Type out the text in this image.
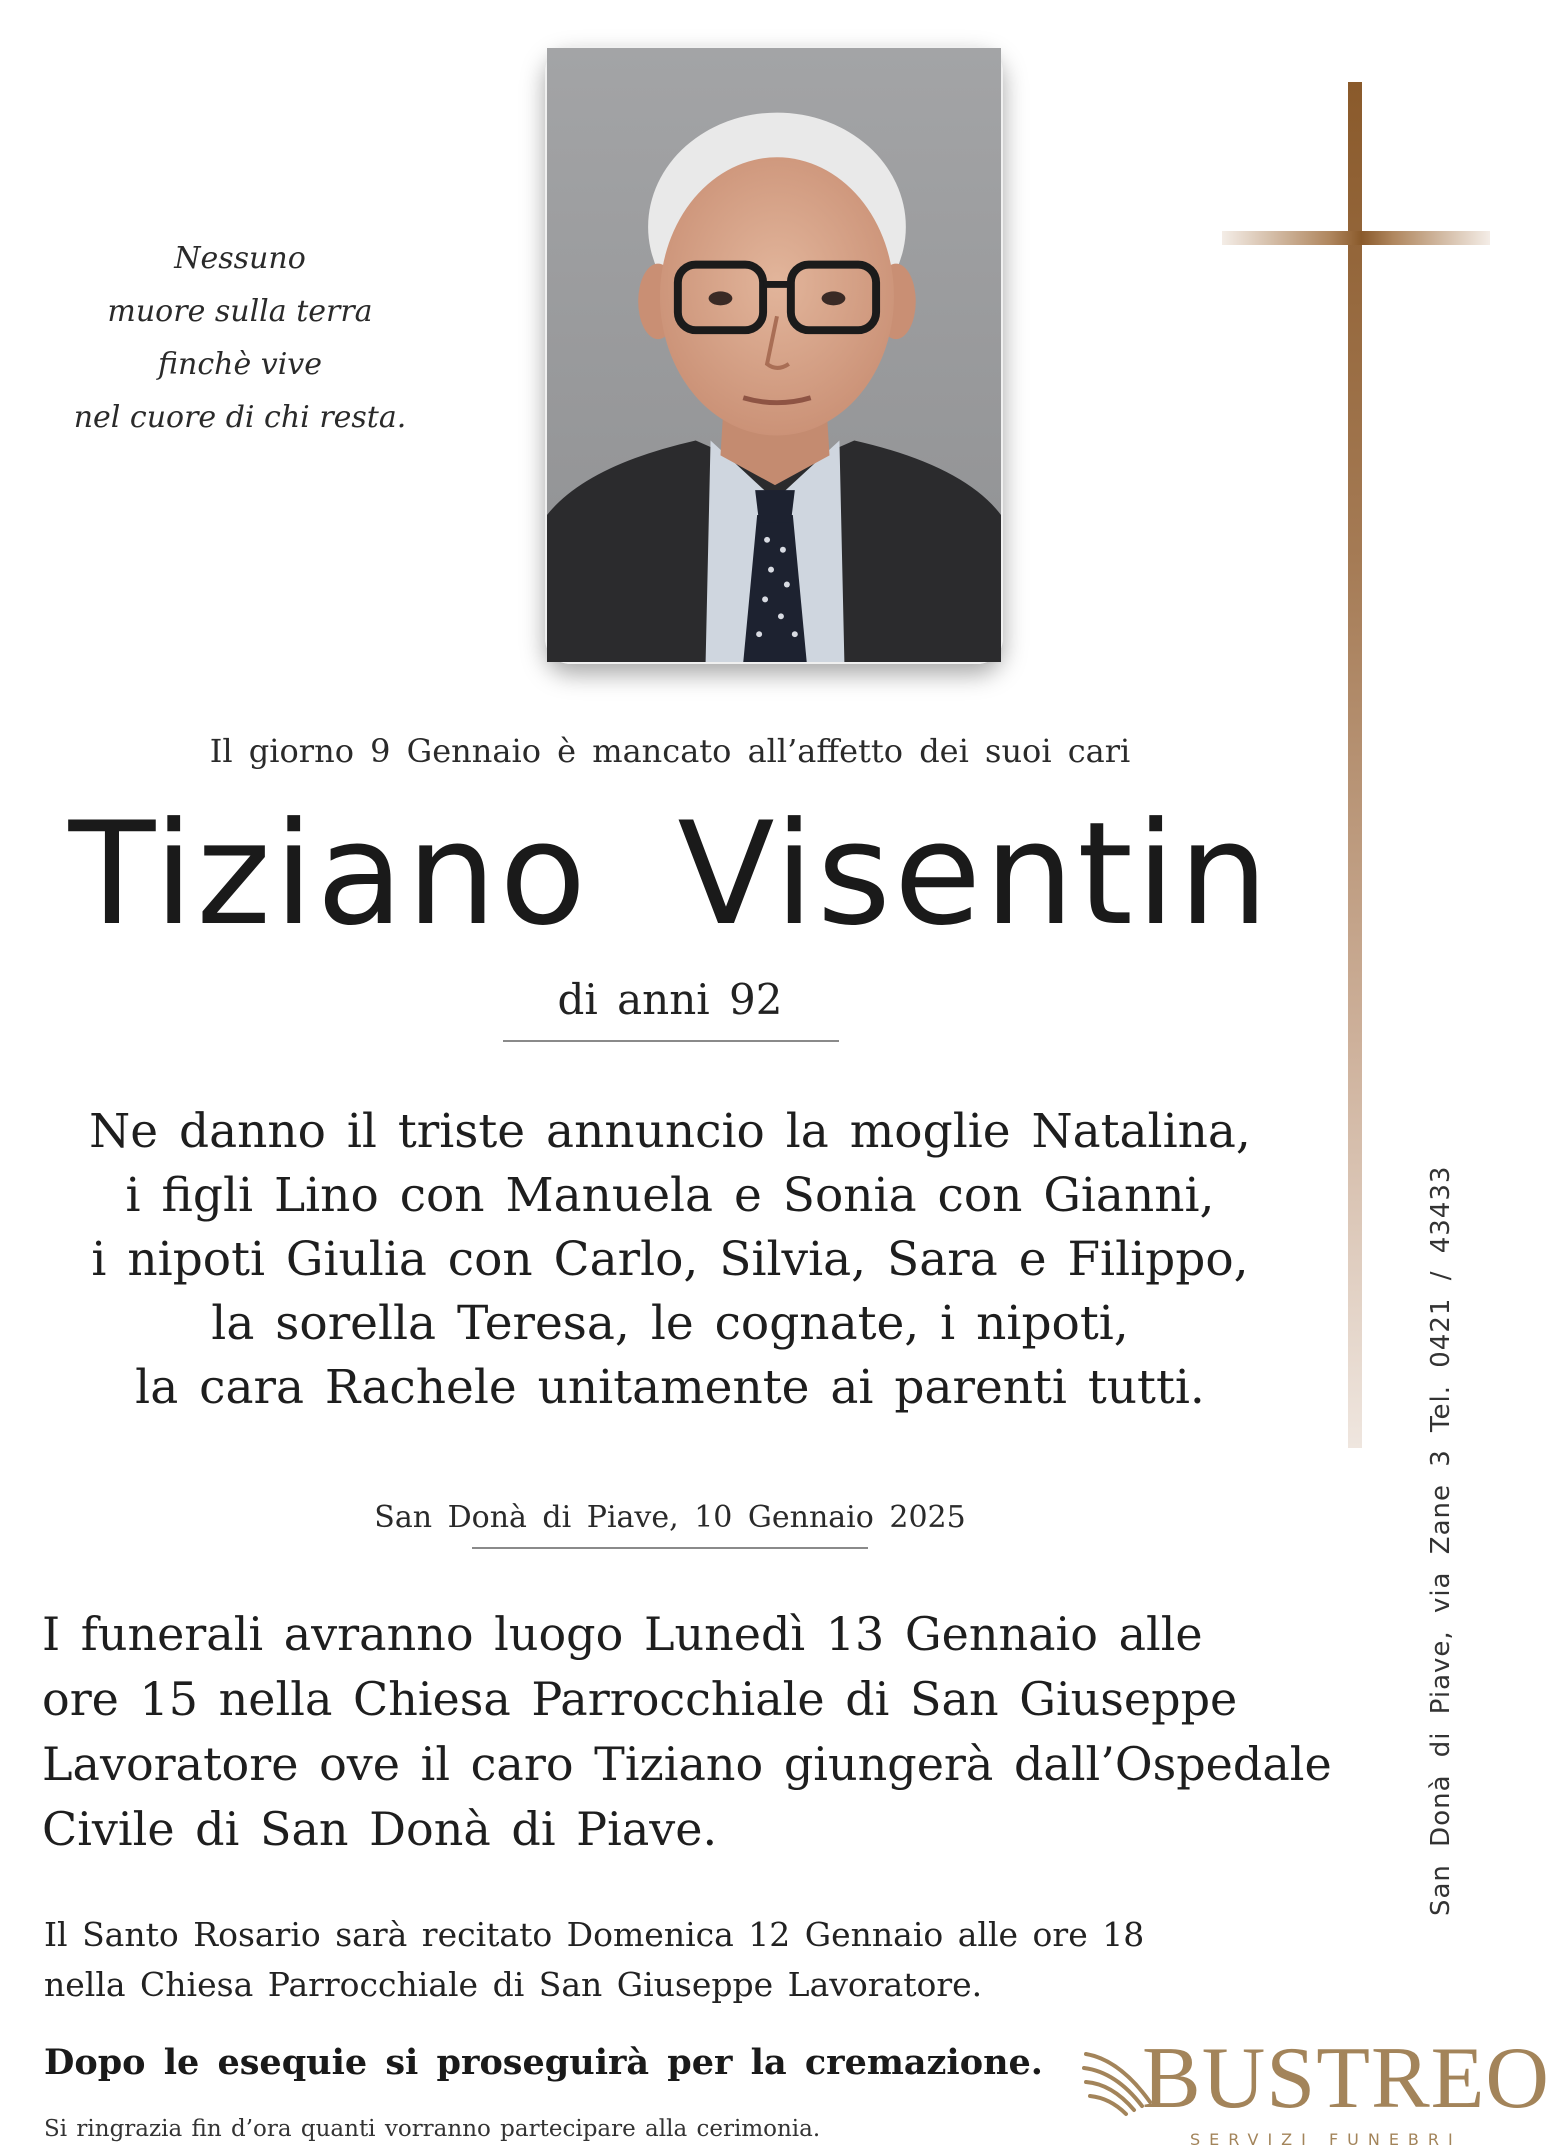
Nessuno
muore sulla terra
finchè vive
nel cuore di chi resta.
Il giorno 9 Gennaio è mancato all’affetto dei suoi cari
Tiziano Visentin
di anni 92
Ne danno il triste annuncio la moglie Natalina,
i figli Lino con Manuela e Sonia con Gianni,
i nipoti Giulia con Carlo, Silvia, Sara e Filippo,
la sorella Teresa, le cognate, i nipoti,
la cara Rachele unitamente ai parenti tutti.
San Donà di Piave, 10 Gennaio 2025
I funerali avranno luogo Lunedì 13 Gennaio alle
ore 15 nella Chiesa Parrocchiale di San Giuseppe
Lavoratore ove il caro Tiziano giungerà dall’Ospedale
Civile di San Donà di Piave.
Il Santo Rosario sarà recitato Domenica 12 Gennaio alle ore 18
nella Chiesa Parrocchiale di San Giuseppe Lavoratore.
Dopo le esequie si proseguirà per la cremazione.
Si ringrazia fin d’ora quanti vorranno partecipare alla cerimonia.
San Donà di Piave, via Zane 3 Tel. 0421 / 43433
BUSTREO
SERVIZI FUNEBRI
